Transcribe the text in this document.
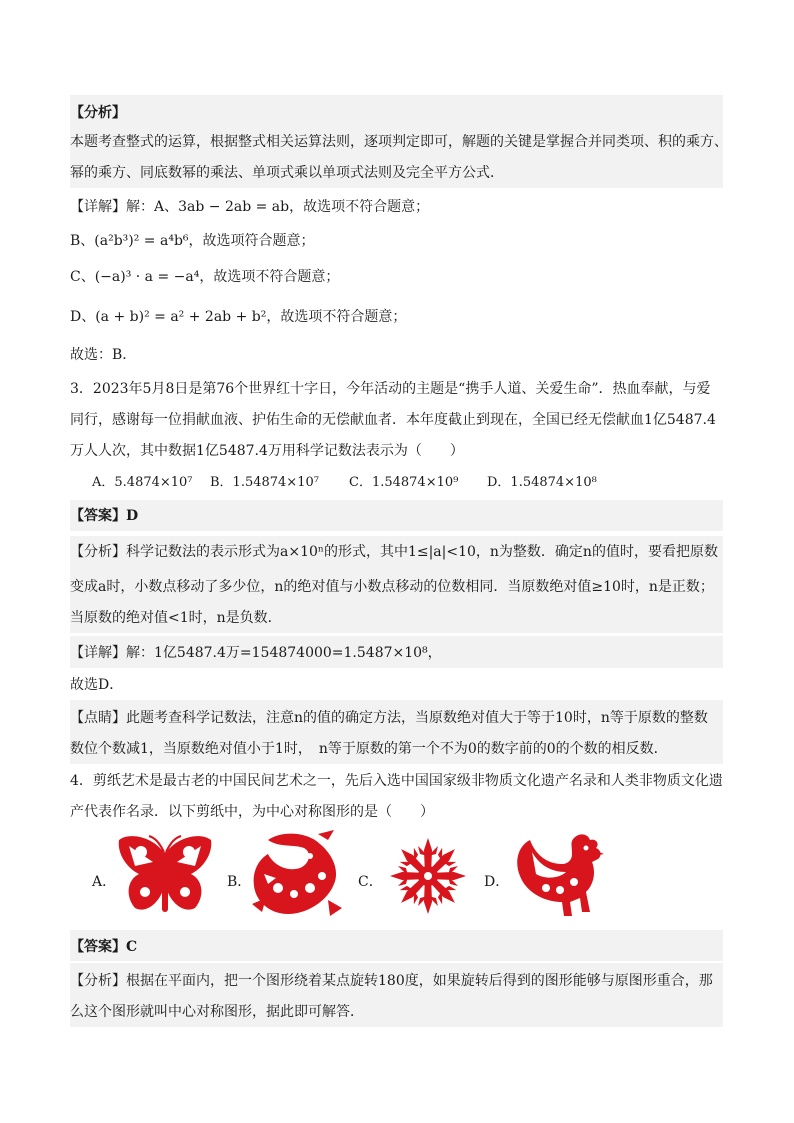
【分析】
本题考查整式的运算，根据整式相关运算法则，逐项判定即可，解题的关键是掌握合并同类项、积的乘方、
幂的乘方、同底数幂的乘法、单项式乘以单项式法则及完全平方公式．
【详解】解：A、3ab − 2ab = ab，故选项不符合题意；
B、(a²b³)² = a⁴b⁶，故选项符合题意；
C、(−a)³ · a = −a⁴，故选项不符合题意；
D、(a + b)² = a² + 2ab + b²，故选项不符合题意；
故选：B．
3．2023年5月8日是第76个世界红十字日，今年活动的主题是“携手人道、关爱生命”．热血奉献，与爱
同行，感谢每一位捐献血液、护佑生命的无偿献血者．本年度截止到现在，全国已经无偿献血1亿5487.4
万人人次，其中数据1亿5487.4万用科学记数法表示为（　　）
A．5.4874×10⁷ B．1.54874×10⁷ C．1.54874×10⁹ D．1.54874×10⁸
【答案】D
【分析】科学记数法的表示形式为a×10ⁿ的形式，其中1≤|a|<10，n为整数．确定n的值时，要看把原数
变成a时，小数点移动了多少位，n的绝对值与小数点移动的位数相同．当原数绝对值≥10时，n是正数；
当原数的绝对值<1时，n是负数．
【详解】解：1亿5487.4万=154874000=1.5487×10⁸，
故选D．
【点睛】此题考查科学记数法，注意n的值的确定方法，当原数绝对值大于等于10时，n等于原数的整数
数位个数减1，当原数绝对值小于1时，　n等于原数的第一个不为0的数字前的0的个数的相反数．
4．剪纸艺术是最古老的中国民间艺术之一，先后入选中国国家级非物质文化遗产名录和人类非物质文化遗
产代表作名录．以下剪纸中，为中心对称图形的是（　　）
A．	B．	C．	D．
【答案】C
【分析】根据在平面内，把一个图形绕着某点旋转180度，如果旋转后得到的图形能够与原图形重合，那
么这个图形就叫中心对称图形，据此即可解答．
